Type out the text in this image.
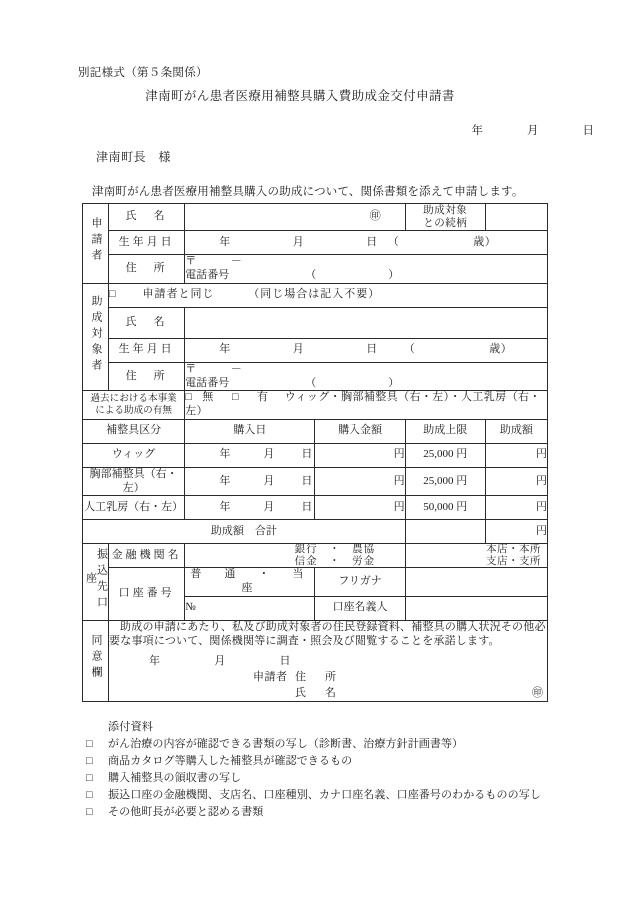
別記様式（第５条関係）
津南町がん患者医療用補整具購入費助成金交付申請書
年	月	日
津南町長　様
津南町がん患者医療用補整具購入の助成について、関係書類を添えて申請します。
申請者	氏　名	㊞		助成対象
との続柄	
	生年月日	年 月 日 （ 歳）			

	住　所	〒 －
電話番号 （ ）			

助成対象者	□ 申請者と同じ （同じ場合は記入不要）				
	氏　名				
	生年月日	年 月 日 （ 歳）			

	住　所	〒 －
電話番号 （ ）			

過去における本事業
による助成の有無		□ 無 □ 有 ウィッグ・胸部補整具（右・左）・人工乳房（右・左）			
補整具区分		購入日	購入金額	助成上限	助成額
ウィッグ		年 月 日	円	25,000 円	円
胸部補整具（右・左）		年 月 日	円	25,000 円	円
人工乳房（右・左）		年 月 日	円	50,000 円	円
助成額　合計					円
振込先口座	金融機関名	銀行　・　農協
信金　・　労金		本店・本所
支店・支所	

	口座番号	普　通　・　当　座	フリガナ		
		№	口座名義人		
同意欄	
助成の申請にあたり、私及び助成対象者の住民登録資料、補整具の購入状況その他必要な事項について、関係機関等に調査・照会及び閲覧することを承諾します。
年	月	日
申請者 住　所
氏　名	㊞
添付資料
□	がん治療の内容が確認できる書類の写し（診断書、治療方針計画書等）
□	商品カタログ等購入した補整具が確認できるもの
□	購入補整具の領収書の写し
□	振込口座の金融機関、支店名、口座種別、カナ口座名義、口座番号のわかるものの写し
□	その他町長が必要と認める書類
